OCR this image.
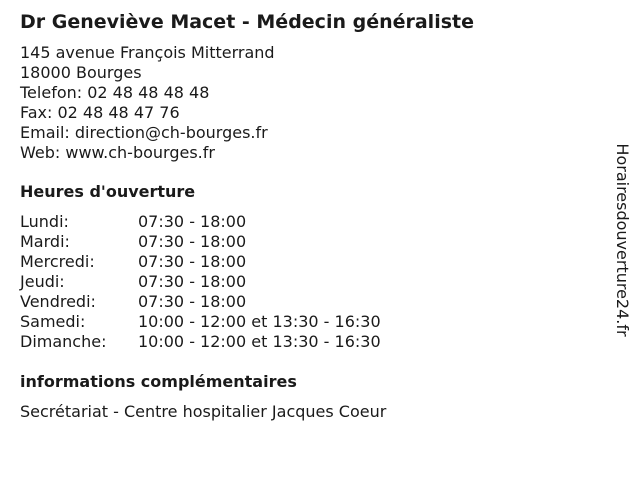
Dr Geneviève Macet - Médecin généraliste
145 avenue François Mitterrand
18000 Bourges
Telefon: 02 48 48 48 48
Fax: 02 48 48 47 76
Email: direction@ch-bourges.fr
Web: www.ch-bourges.fr
Heures d'ouverture
Lundi:	07:30 - 18:00
Mardi:	07:30 - 18:00
Mercredi:	07:30 - 18:00
Jeudi:	07:30 - 18:00
Vendredi:	07:30 - 18:00
Samedi:	10:00 - 12:00 et 13:30 - 16:30
Dimanche:	10:00 - 12:00 et 13:30 - 16:30
informations complémentaires
Secrétariat - Centre hospitalier Jacques Coeur
Horairesdouverture24.fr
